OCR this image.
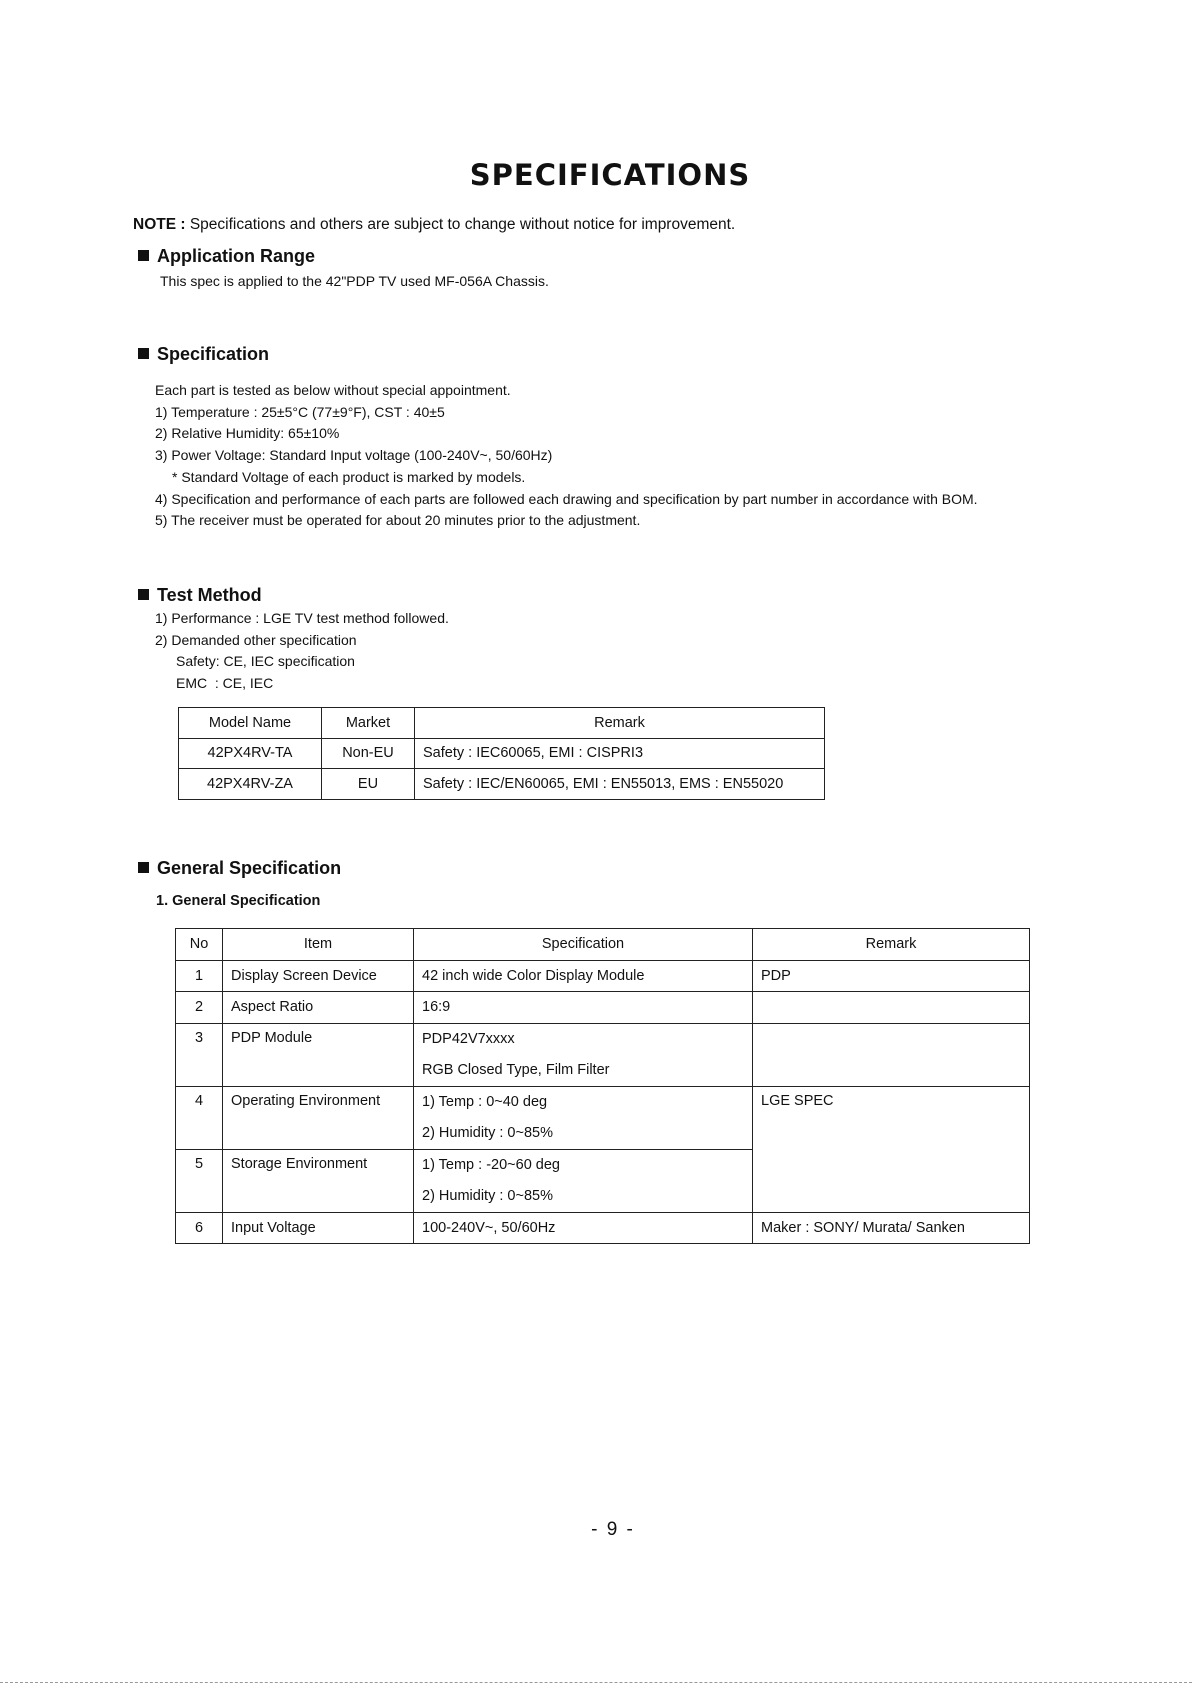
SPECIFICATIONS
NOTE : Specifications and others are subject to change without notice for improvement.
Application Range
This spec is applied to the 42"PDP TV used MF-056A Chassis.
Specification
Each part is tested as below without special appointment.
1) Temperature : 25±5°C (77±9°F), CST : 40±5
2) Relative Humidity: 65±10%
3) Power Voltage: Standard Input voltage (100-240V~, 50/60Hz)
* Standard Voltage of each product is marked by models.
4) Specification and performance of each parts are followed each drawing and specification by part number in accordance with BOM.
5) The receiver must be operated for about 20 minutes prior to the adjustment.
Test Method
1) Performance : LGE TV test method followed.
2) Demanded other specification
Safety: CE, IEC specification
EMC  : CE, IEC
Model Name	Market	Remark
42PX4RV-TA	Non-EU	Safety : IEC60065, EMI : CISPRI3
42PX4RV-ZA	EU	Safety : IEC/EN60065, EMI : EN55013, EMS : EN55020
General Specification
1. General Specification
No	Item	Specification	Remark
1	Display Screen Device	42 inch wide Color Display Module	PDP
2	Aspect Ratio	16:9	
3	PDP Module	PDP42V7xxxx
RGB Closed Type, Film Filter	

4	Operating Environment	1) Temp : 0~40 deg
2) Humidity : 0~85%	LGE SPEC
5	Storage Environment	1) Temp : -20~60 deg
2) Humidity : 0~85%	

6	Input Voltage	100-240V~, 50/60Hz	Maker : SONY/ Murata/ Sanken
- 9 -
